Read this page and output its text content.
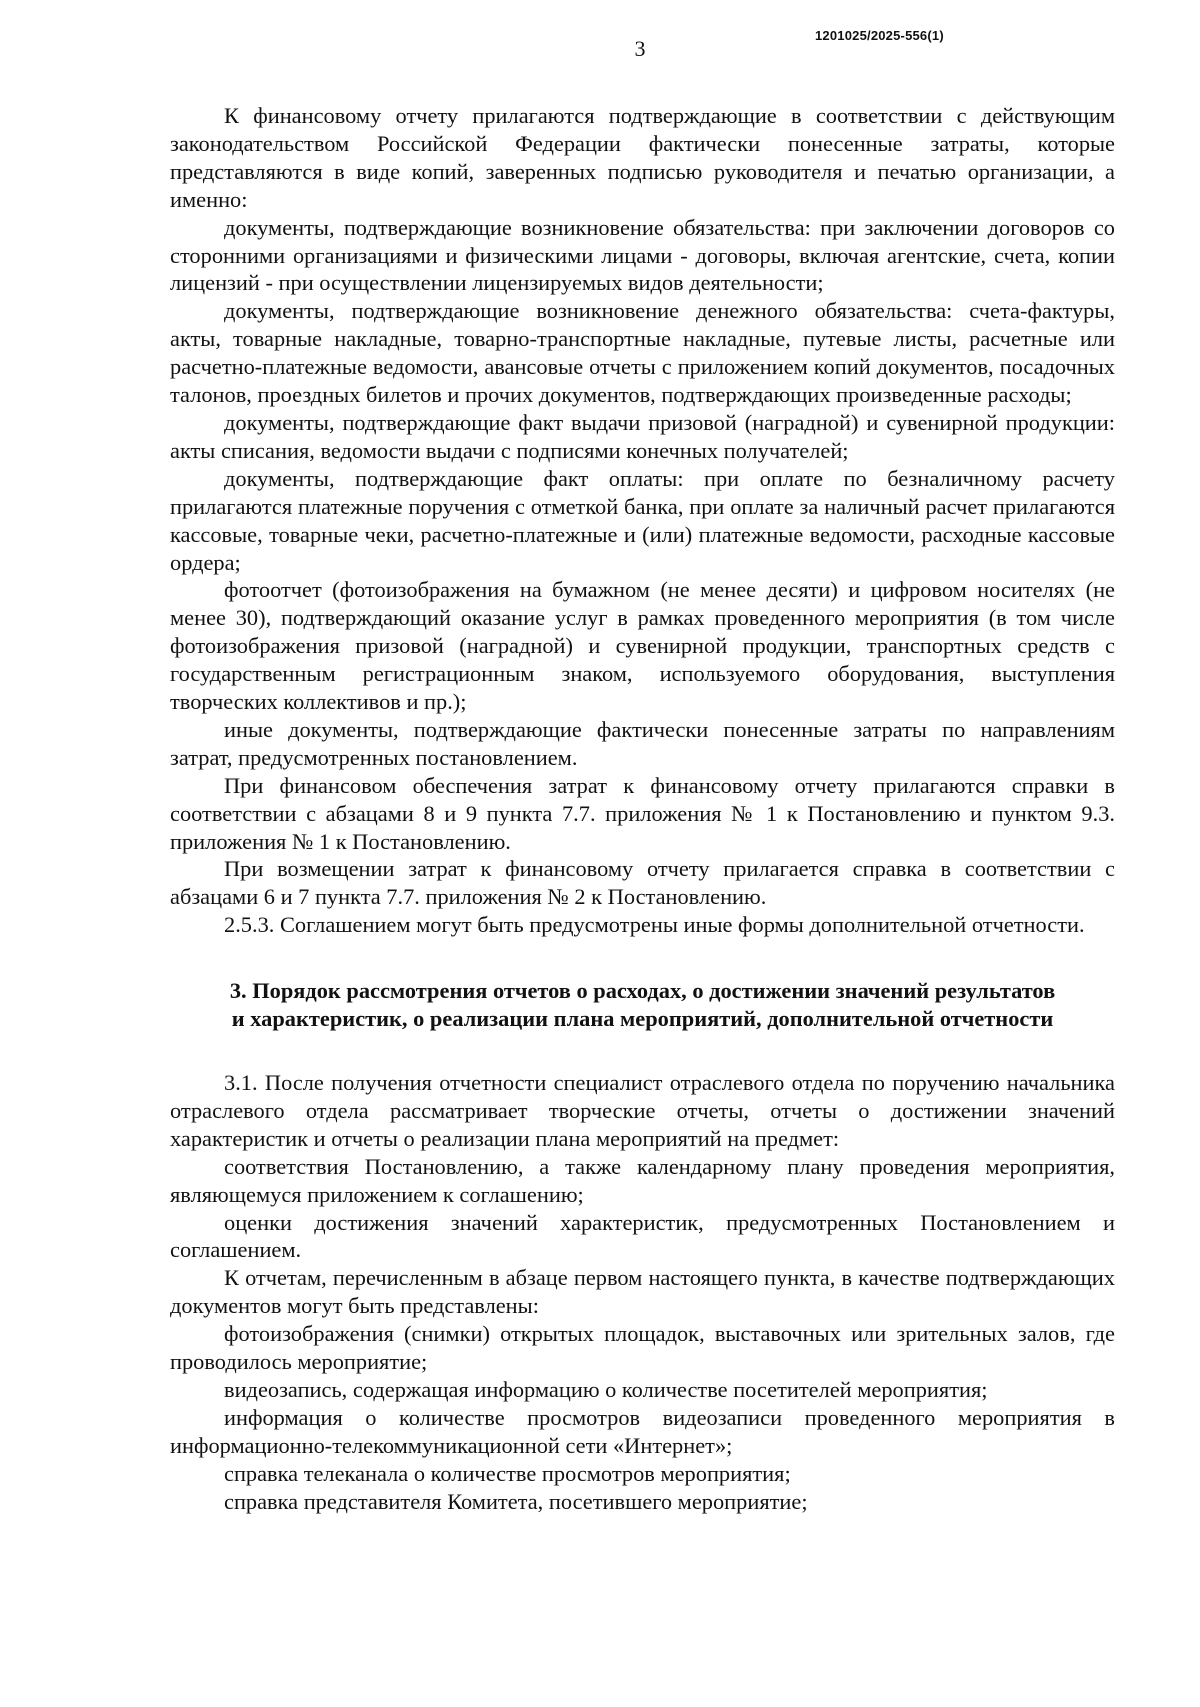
3
1201025/2025-556(1)

К финансовому отчету прилагаются подтверждающие в соответствии с действующим законодательством Российской Федерации фактически понесенные затраты, которые представляются в виде копий, заверенных подписью руководителя и печатью организации, а именно:

документы, подтверждающие возникновение обязательства: при заключении договоров со сторонними организациями и физическими лицами - договоры, включая агентские, счета, копии лицензий - при осуществлении лицензируемых видов деятельности;

документы, подтверждающие возникновение денежного обязательства: счета-фактуры, акты, товарные накладные, товарно-транспортные накладные, путевые листы, расчетные или расчетно-платежные ведомости, авансовые отчеты с приложением копий документов, посадочных талонов, проездных билетов и прочих документов, подтверждающих произведенные расходы;

документы, подтверждающие факт выдачи призовой (наградной) и сувенирной продукции: акты списания, ведомости выдачи с подписями конечных получателей;

документы, подтверждающие факт оплаты: при оплате по безналичному расчету прилагаются платежные поручения с отметкой банка, при оплате за наличный расчет прилагаются кассовые, товарные чеки, расчетно-платежные и (или) платежные ведомости, расходные кассовые ордера;

фотоотчет (фотоизображения на бумажном (не менее десяти) и цифровом носителях (не менее 30), подтверждающий оказание услуг в рамках проведенного мероприятия (в том числе фотоизображения призовой (наградной) и сувенирной продукции, транспортных средств с государственным регистрационным знаком, используемого оборудования, выступления творческих коллективов и пр.);

иные документы, подтверждающие фактически понесенные затраты по направлениям затрат, предусмотренных постановлением.

При финансовом обеспечения затрат к финансовому отчету прилагаются справки в соответствии с абзацами 8 и 9 пункта 7.7. приложения № 1 к Постановлению и пунктом 9.3. приложения № 1 к Постановлению.

При возмещении затрат к финансовому отчету прилагается справка в соответствии с абзацами 6 и 7 пункта 7.7. приложения № 2 к Постановлению.

2.5.3. Соглашением могут быть предусмотрены иные формы дополнительной отчетности.

3. Порядок рассмотрения отчетов о расходах, о достижении значений результатов
и характеристик, о реализации плана мероприятий, дополнительной отчетности

3.1. После получения отчетности специалист отраслевого отдела по поручению начальника отраслевого отдела рассматривает творческие отчеты, отчеты о достижении значений характеристик и отчеты о реализации плана мероприятий на предмет:

соответствия Постановлению, а также календарному плану проведения мероприятия, являющемуся приложением к соглашению;

оценки достижения значений характеристик, предусмотренных Постановлением и соглашением.

К отчетам, перечисленным в абзаце первом настоящего пункта, в качестве подтверждающих документов могут быть представлены:

фотоизображения (снимки) открытых площадок, выставочных или зрительных залов, где проводилось мероприятие;

видеозапись, содержащая информацию о количестве посетителей мероприятия;

информация о количестве просмотров видеозаписи проведенного мероприятия в информационно-телекоммуникационной сети «Интернет»;

справка телеканала о количестве просмотров мероприятия;

справка представителя Комитета, посетившего мероприятие;
